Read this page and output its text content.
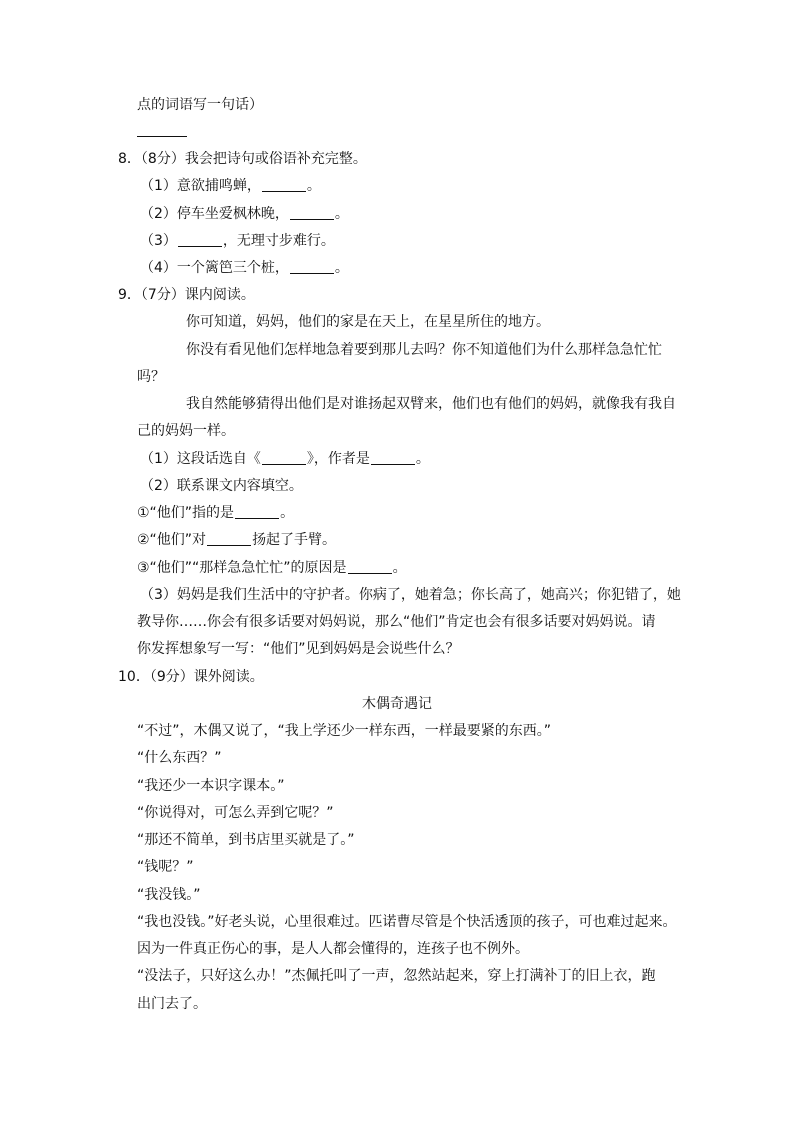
点的词语写一句话）
8．（8分）我会把诗句或俗语补充完整。
（1）意欲捕鸣蝉，	。
（2）停车坐爱枫林晚，	。
（3）	，无理寸步难行。
（4）一个篱笆三个桩，	。
9．（7分）课内阅读。
你可知道，妈妈，他们的家是在天上，在星星所住的地方。
你没有看见他们怎样地急着要到那儿去吗？你不知道他们为什么那样急急忙忙
吗？
我自然能够猜得出他们是对谁扬起双臂来，他们也有他们的妈妈，就像我有我自
己的妈妈一样。
（1）这段话选自《	》，作者是	。
（2）联系课文内容填空。
①“他们”指的是	。
②“他们”对	扬起了手臂。
③“他们”“那样急急忙忙”的原因是	。
（3）妈妈是我们生活中的守护者。你病了，她着急；你长高了，她高兴；你犯错了，她
教导你……你会有很多话要对妈妈说，那么“他们”肯定也会有很多话要对妈妈说。请
你发挥想象写一写：“他们”见到妈妈是会说些什么？
10．（9分）课外阅读。
木偶奇遇记
“不过”，木偶又说了，“我上学还少一样东西，一样最要紧的东西。”
“什么东西？”
“我还少一本识字课本。”
“你说得对，可怎么弄到它呢？”
“那还不简单，到书店里买就是了。”
“钱呢？”
“我没钱。”
“我也没钱。”好老头说，心里很难过。匹诺曹尽管是个快活透顶的孩子，可也难过起来。
因为一件真正伤心的事，是人人都会懂得的，连孩子也不例外。
“没法子，只好这么办！”杰佩托叫了一声，忽然站起来，穿上打满补丁的旧上衣，跑
出门去了。
